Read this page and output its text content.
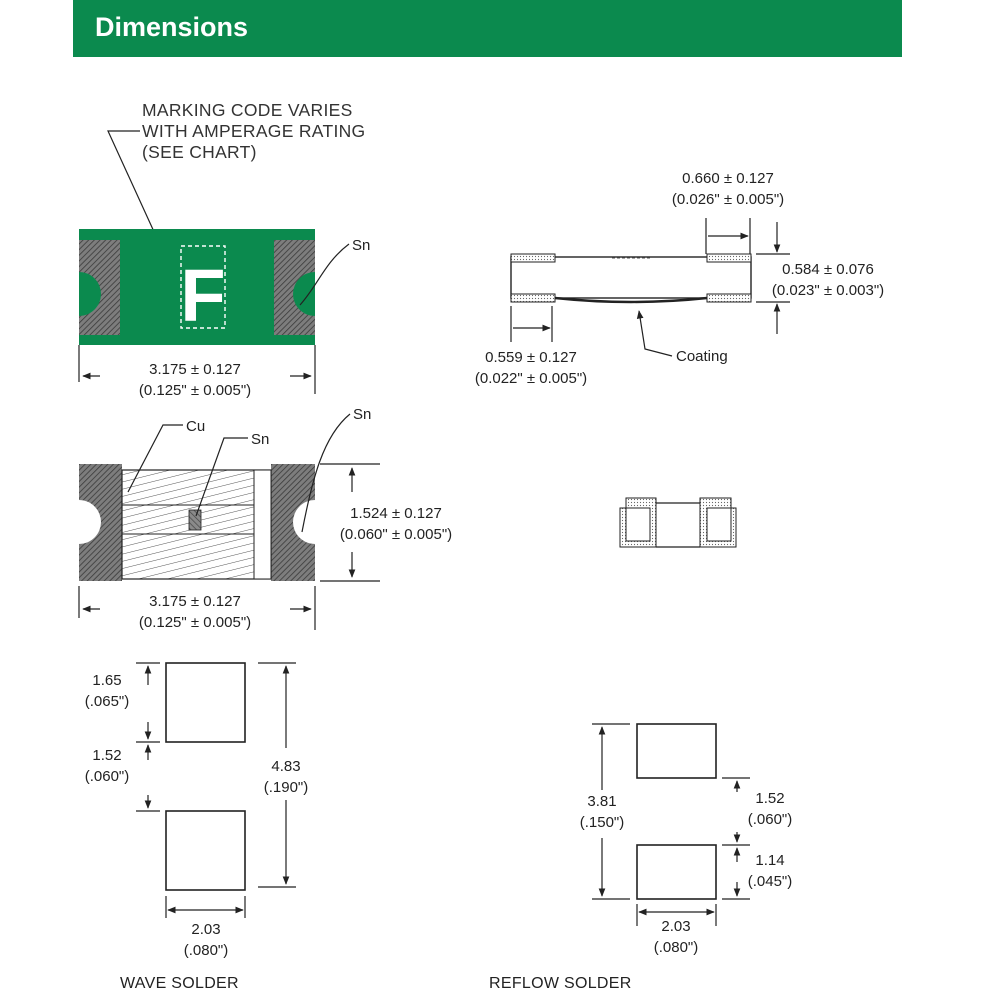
Dimensions
MARKING CODE VARIES
WITH AMPERAGE RATING
(SEE CHART)
F
Sn
3.175 ± 0.127
(0.125" ± 0.005")
0.660 ± 0.127
(0.026" ± 0.005")
0.584 ± 0.076
(0.023" ± 0.003")
0.559 ± 0.127
(0.022" ± 0.005")
Coating
Cu
Sn
Sn
1.524 ± 0.127
(0.060" ± 0.005")
3.175 ± 0.127
(0.125" ± 0.005")
1.65
(.065")
1.52
(.060")
4.83
(.190")
2.03
(.080")
WAVE SOLDER
3.81
(.150")
1.52
(.060")
1.14
(.045")
2.03
(.080")
REFLOW SOLDER
